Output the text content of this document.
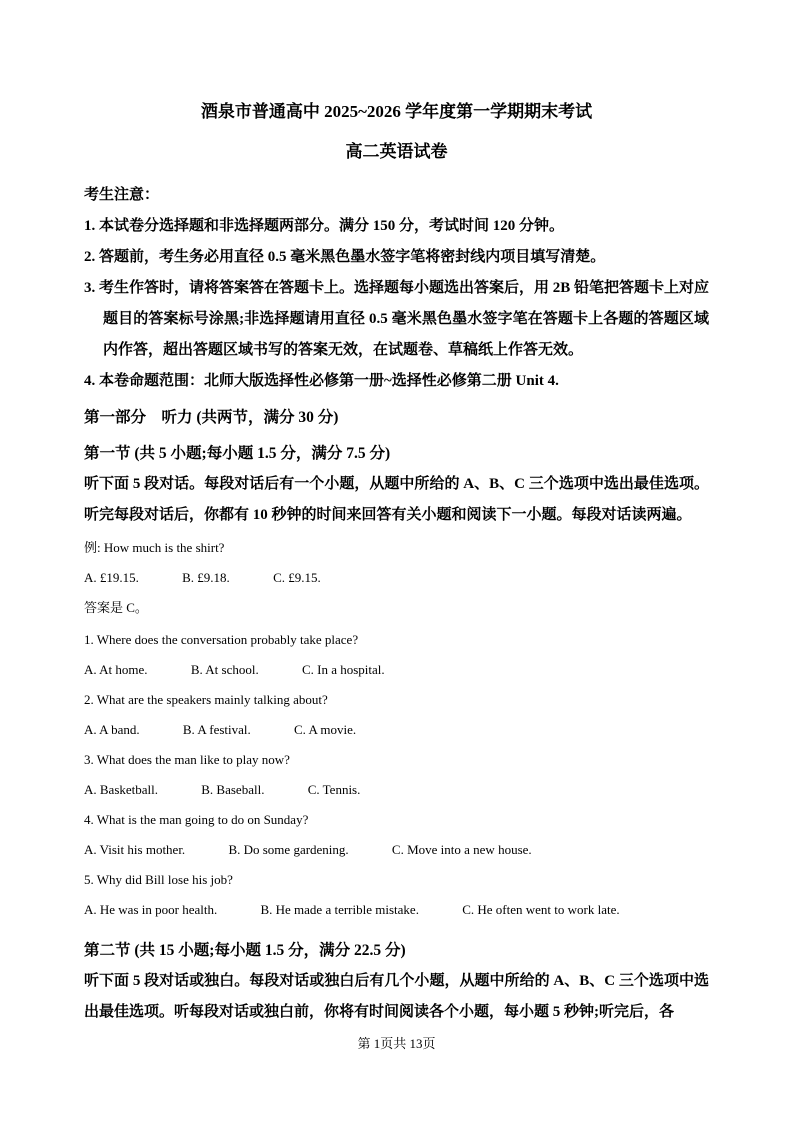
酒泉市普通高中 2025~2026 学年度第一学期期末考试
高二英语试卷

考生注意：

1. 本试卷分选择题和非选择题两部分。满分 150 分，考试时间 120 分钟。

2. 答题前，考生务必用直径 0.5 毫米黑色墨水签字笔将密封线内项目填写清楚。

3. 考生作答时，请将答案答在答题卡上。选择题每小题选出答案后，用 2B 铅笔把答题卡上对应题目的答案标号涂黑;非选择题请用直径 0.5 毫米黑色墨水签字笔在答题卡上各题的答题区域内作答，超出答题区域书写的答案无效，在试题卷、草稿纸上作答无效。

4. 本卷命题范围：北师大版选择性必修第一册~选择性必修第二册 Unit 4.

第一部分　听力 (共两节，满分 30 分)

第一节 (共 5 小题;每小题 1.5 分，满分 7.5 分)

听下面 5 段对话。每段对话后有一个小题，从题中所给的 A、B、C 三个选项中选出最佳选项。听完每段对话后，你都有 10 秒钟的时间来回答有关小题和阅读下一小题。每段对话读两遍。

例: How much is the shirt?

A. £19.15.	B. £9.18.	C. £9.15.

答案是 C。

1. Where does the conversation probably take place?

A. At home.	B. At school.	C. In a hospital.

2. What are the speakers mainly talking about?

A. A band.	B. A festival.	C. A movie.

3. What does the man like to play now?

A. Basketball.	B. Baseball.	C. Tennis.

4. What is the man going to do on Sunday?

A. Visit his mother.	B. Do some gardening.	C. Move into a new house.

5. Why did Bill lose his job?

A. He was in poor health.	B. He made a terrible mistake.	C. He often went to work late.

第二节 (共 15 小题;每小题 1.5 分，满分 22.5 分)

听下面 5 段对话或独白。每段对话或独白后有几个小题，从题中所给的 A、B、C 三个选项中选出最佳选项。听每段对话或独白前，你将有时间阅读各个小题，每小题 5 秒钟;听完后，各

第 1页共 13页
